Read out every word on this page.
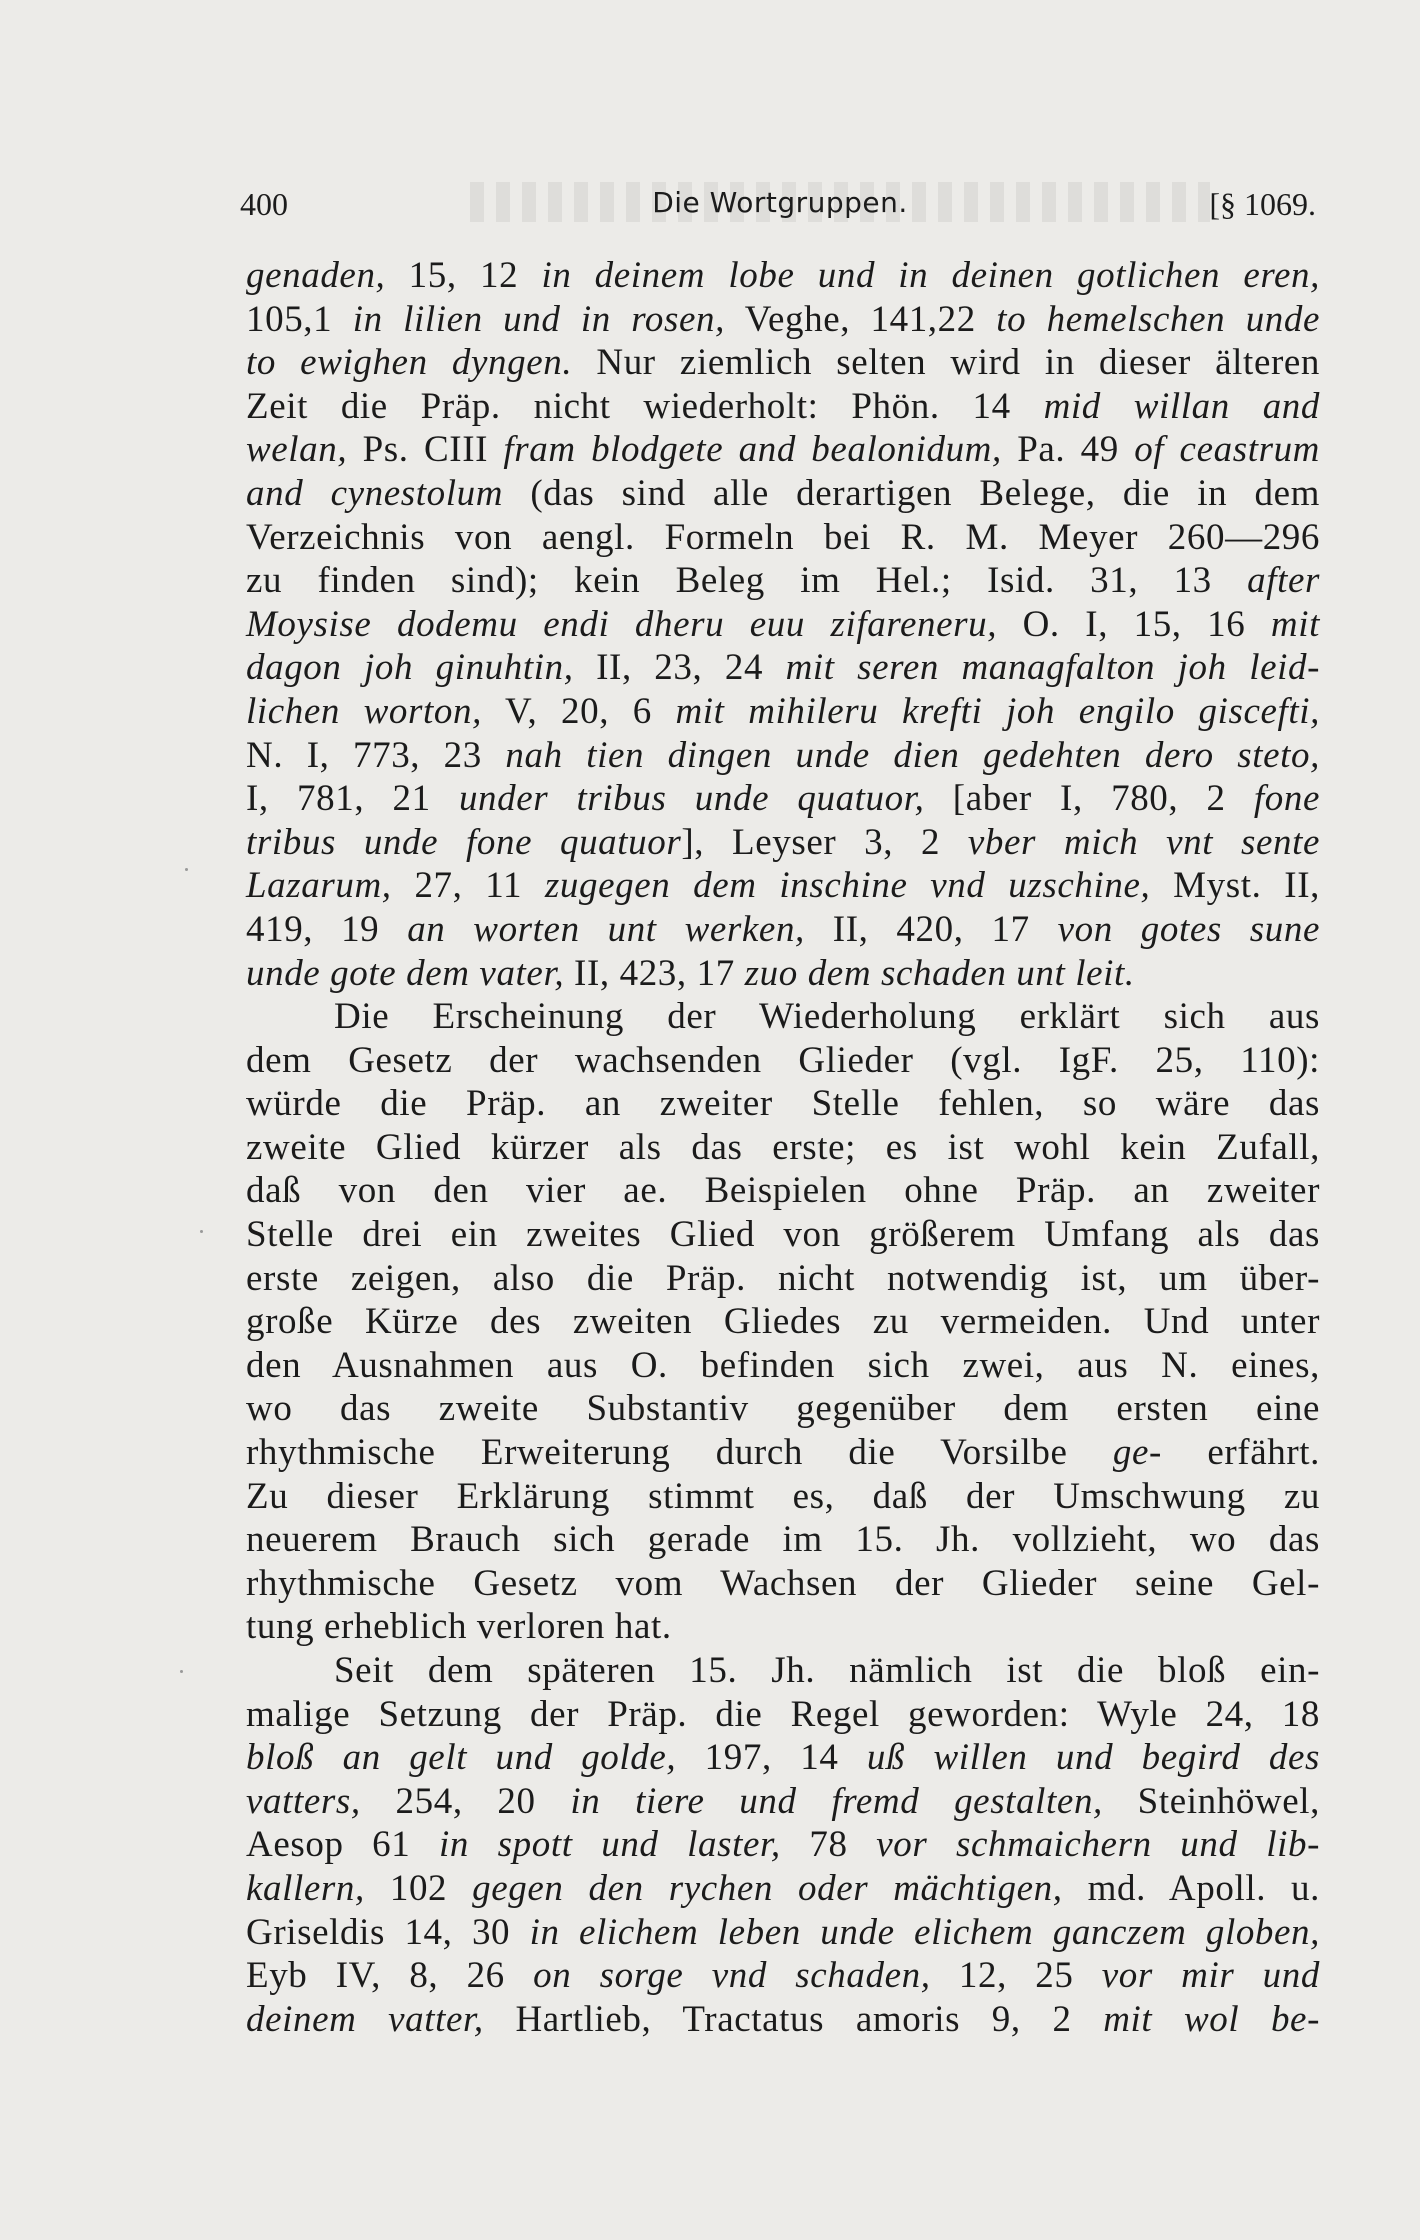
400	Die Wortgruppen.	[§ 1069.
genaden, 15, 12 in deinem lobe und in deinen gotlichen eren,
105,1 in lilien und in rosen, Veghe, 141,22 to hemelschen unde
to ewighen dyngen. Nur ziemlich selten wird in dieser älteren
Zeit die Präp. nicht wiederholt: Phön. 14 mid willan and
welan, Ps. CIII fram blodgete and bealonidum, Pa. 49 of ceastrum
and cynestolum (das sind alle derartigen Belege, die in dem
Verzeichnis von aengl. Formeln bei R. M. Meyer 260—296
zu finden sind); kein Beleg im Hel.; Isid. 31, 13 after
Moysise dodemu endi dheru euu zifareneru, O. I, 15, 16 mit
dagon joh ginuhtin, II, 23, 24 mit seren managfalton joh leid-
lichen worton, V, 20, 6 mit mihileru krefti joh engilo giscefti,
N. I, 773, 23 nah tien dingen unde dien gedehten dero steto,
I, 781, 21 under tribus unde quatuor, [aber I, 780, 2 fone
tribus unde fone quatuor], Leyser 3, 2 vber mich vnt sente
Lazarum, 27, 11 zugegen dem inschine vnd uzschine, Myst. II,
419, 19 an worten unt werken, II, 420, 17 von gotes sune
unde gote dem vater, II, 423, 17 zuo dem schaden unt leit.
Die Erscheinung der Wiederholung erklärt sich aus
dem Gesetz der wachsenden Glieder (vgl. IgF. 25, 110):
würde die Präp. an zweiter Stelle fehlen, so wäre das
zweite Glied kürzer als das erste; es ist wohl kein Zufall,
daß von den vier ae. Beispielen ohne Präp. an zweiter
Stelle drei ein zweites Glied von größerem Umfang als das
erste zeigen, also die Präp. nicht notwendig ist, um über-
große Kürze des zweiten Gliedes zu vermeiden. Und unter
den Ausnahmen aus O. befinden sich zwei, aus N. eines,
wo das zweite Substantiv gegenüber dem ersten eine
rhythmische Erweiterung durch die Vorsilbe ge- erfährt.
Zu dieser Erklärung stimmt es, daß der Umschwung zu
neuerem Brauch sich gerade im 15. Jh. vollzieht, wo das
rhythmische Gesetz vom Wachsen der Glieder seine Gel-
tung erheblich verloren hat.
Seit dem späteren 15. Jh. nämlich ist die bloß ein-
malige Setzung der Präp. die Regel geworden: Wyle 24, 18
bloß an gelt und golde, 197, 14 uß willen und begird des
vatters, 254, 20 in tiere und fremd gestalten, Steinhöwel,
Aesop 61 in spott und laster, 78 vor schmaichern und lib-
kallern, 102 gegen den rychen oder mächtigen, md. Apoll. u.
Griseldis 14, 30 in elichem leben unde elichem ganczem globen,
Eyb IV, 8, 26 on sorge vnd schaden, 12, 25 vor mir und
deinem vatter, Hartlieb, Tractatus amoris 9, 2 mit wol be-
